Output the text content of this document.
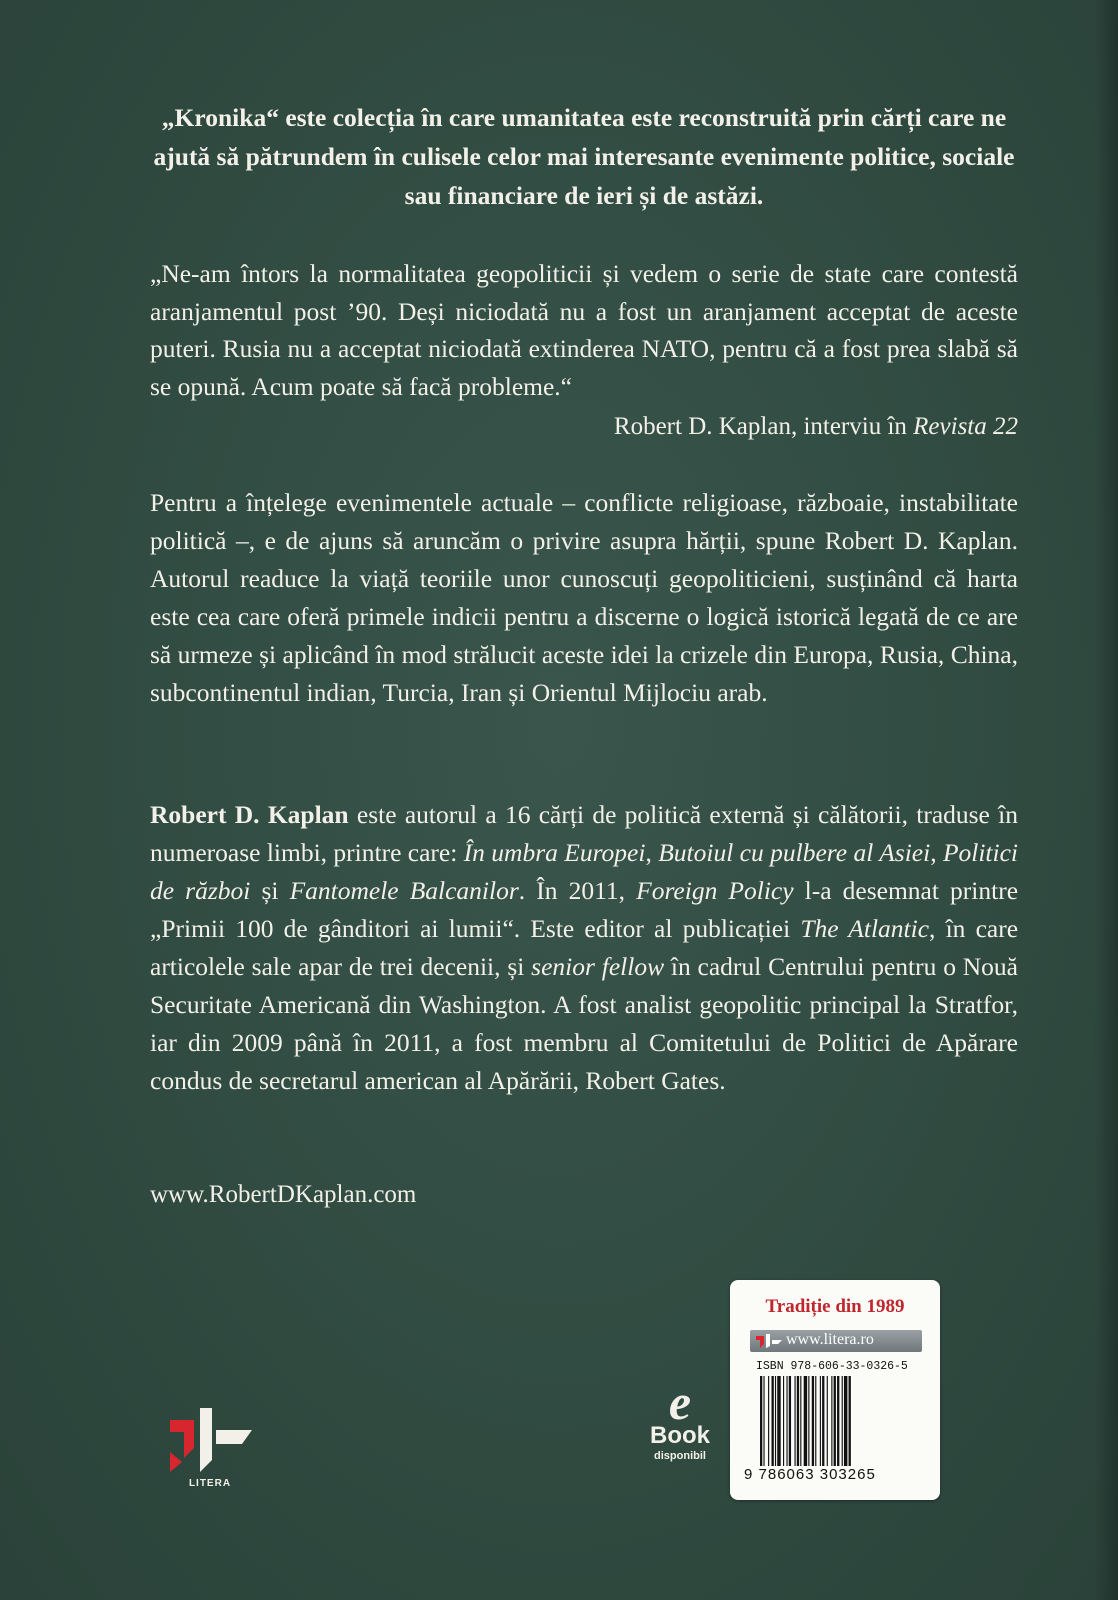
„Kronika“ este colecția în care umanitatea este reconstruită prin cărți care ne ajută să pătrundem în culisele celor mai interesante evenimente politice, sociale sau financiare de ieri și de astăzi.

„Ne-am întors la normalitatea geopoliticii și vedem o serie de state care contestă aranjamentul post ’90. Deși niciodată nu a fost un aranjament acceptat de aceste puteri. Rusia nu a acceptat niciodată extinderea NATO, pentru că a fost prea slabă să se opună. Acum poate să facă probleme.“

Robert D. Kaplan, interviu în Revista 22
Pentru a înțelege evenimentele actuale – conflicte religioase, războaie, instabilitate politică –, e de ajuns să aruncăm o privire asupra hărții, spune Robert D. Kaplan. Autorul readuce la viață teoriile unor cunoscuți geopoliticieni, susținând că harta este cea care oferă primele indicii pentru a discerne o logică istorică legată de ce are să urmeze și aplicând în mod strălucit aceste idei la crizele din Europa, Rusia, China, subcontinentul indian, Turcia, Iran și Orientul Mijlociu arab.
Robert D. Kaplan este autorul a 16 cărți de politică externă și călătorii, traduse în numeroase limbi, printre care: În umbra Europei, Butoiul cu pulbere al Asiei, Politici de război și Fantomele Balcanilor. În 2011, Foreign Policy l-a desemnat printre „Primii 100 de gânditori ai lumii“. Este editor al publicației The Atlantic, în care articolele sale apar de trei decenii, și senior fellow în cadrul Centrului pentru o Nouă Securitate Americană din Washington. A fost analist geopolitic principal la Stratfor, iar din 2009 până în 2011, a fost membru al Comitetului de Politici de Apărare condus de secretarul american al Apărării, Robert Gates.
www.RobertDKaplan.com
LITERA
e
Book
disponibil
Tradiție din 1989
www.litera.ro
ISBN 978-606-33-0326-5
9 786063 303265
